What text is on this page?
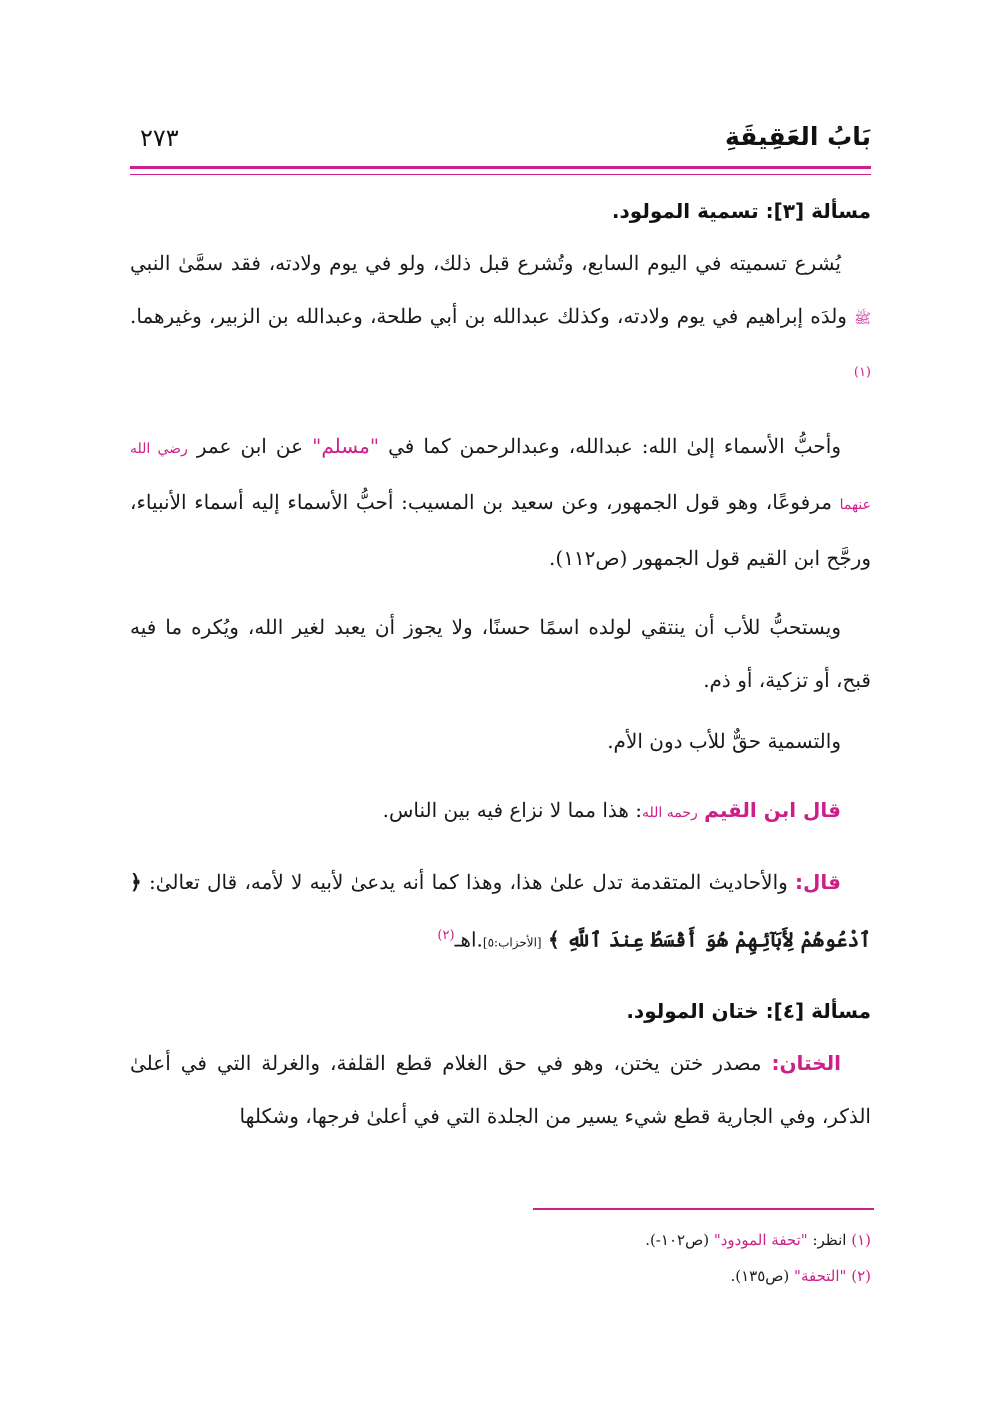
بَابُ العَقِيقَةِ
٢٧٣
مسألة [٣]: تسمية المولود.

يُشرع تسميته في اليوم السابع، وتُشرع قبل ذلك، ولو في يوم ولادته، فقد سمَّىٰ النبي ﷺ ولدَه إبراهيم في يوم ولادته، وكذلك عبدالله بن أبي طلحة، وعبدالله بن الزبير، وغيرهما.$^{(١)}$

وأحبُّ الأسماء إلىٰ الله: عبدالله، وعبدالرحمن كما في "مسلم" عن ابن عمر رضي الله عنهما مرفوعًا، وهو قول الجمهور، وعن سعيد بن المسيب: أحبُّ الأسماء إليه أسماء الأنبياء، ورجَّح ابن القيم قول الجمهور (ص١١٢).

ويستحبُّ للأب أن ينتقي لولده اسمًا حسنًا، ولا يجوز أن يعبد لغير الله، ويُكره ما فيه قبح، أو تزكية، أو ذم.

والتسمية حقٌّ للأب دون الأم.

قال ابن القيم رحمه الله: هذا مما لا نزاع فيه بين الناس.

قال: والأحاديث المتقدمة تدل علىٰ هذا، وهذا كما أنه يدعىٰ لأبيه لا لأمه، قال تعالىٰ: ﴿ ٱدْعُوهُمْ لِأَبَآئِهِمْ هُوَ أَقْسَطُ عِندَ ٱللَّهِ ﴾ [الأحزاب:٥].اهـ$^{(٢)}$

مسألة [٤]: ختان المولود.

الختان: مصدر ختن يختن، وهو في حق الغلام قطع القلفة، والغرلة التي في أعلىٰ الذكر، وفي الجارية قطع شيء يسير من الجلدة التي في أعلىٰ فرجها، وشكلها

(١) انظر: "تحفة المودود" (ص١٠٢-).

(٢) "التحفة" (ص١٣٥).
